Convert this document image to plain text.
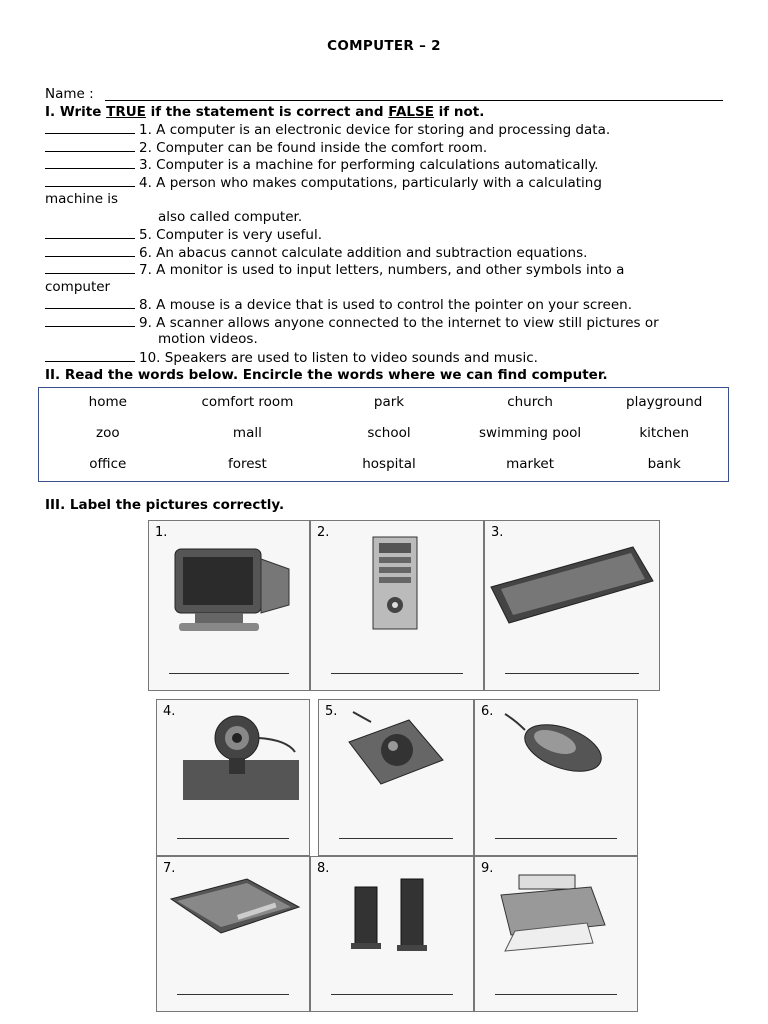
COMPUTER – 2
Name :
I. Write TRUE if the statement is correct and FALSE if not.
1. A computer is an electronic device for storing and processing data.
2. Computer can be found inside the comfort room.
3. Computer is a machine for performing calculations automatically.
4. A person who makes computations, particularly with a calculating
machine is
also called computer.
5. Computer is very useful.
6. An abacus cannot calculate addition and subtraction equations.
7. A monitor is used to input letters, numbers, and other symbols into a
computer
8. A mouse is a device that is used to control the pointer on your screen.
9. A scanner allows anyone connected to the internet to view still pictures or
motion videos.
10. Speakers are used to listen to video sounds and music.
II. Read the words below. Encircle the words where we can find computer.
home	comfort room	park	church	playground
zoo	mall	school	swimming pool	kitchen
office	forest	hospital	market	bank
III. Label the pictures correctly.
1.	2.	3.
4.	5.	6.
7.	8.	9.
